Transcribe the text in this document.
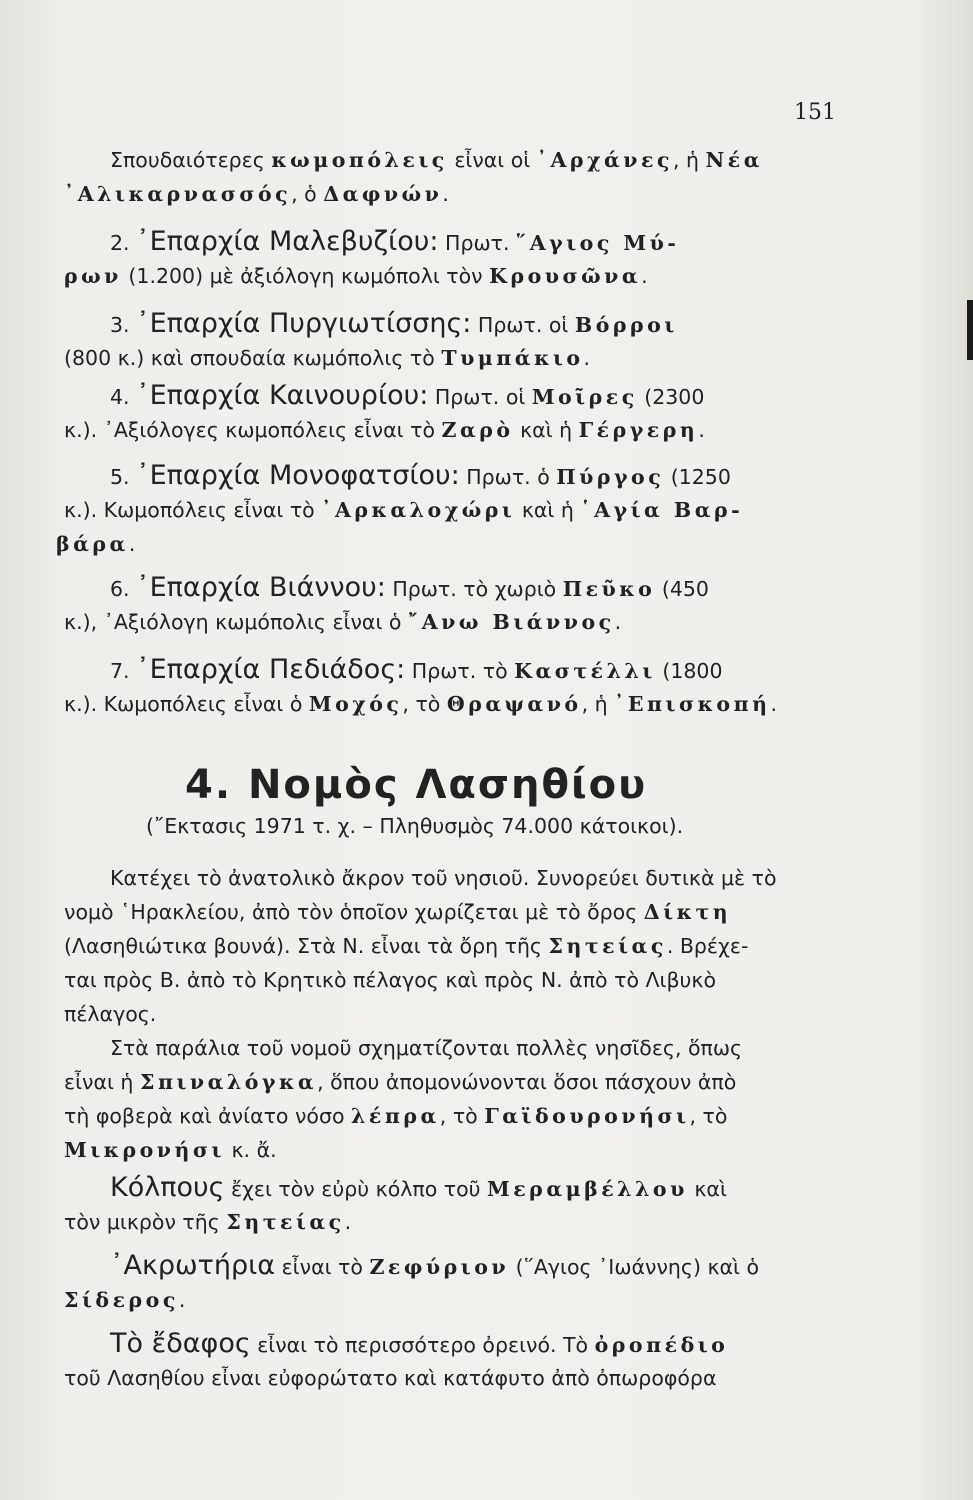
151
Σπουδαιότερες κωμοπόλεις εἶναι οἱ ᾿Αρχάνες, ἡ Νέα
᾿Αλικαρνασσός, ὁ Δαφνών.
2. ᾿Επαρχία Μαλεβυζίου: Πρωτ. ῞Αγιος Μύ-
ρων (1.200) μὲ ἀξιόλογη κωμόπολι τὸν Κρουσῶνα.
3. ᾿Επαρχία Πυργιωτίσσης: Πρωτ. οἱ Βόρροι
(800 κ.) καὶ σπουδαία κωμόπολις τὸ Τυμπάκιο.
4. ᾿Επαρχία Καινουρίου: Πρωτ. οἱ Μοῖρες (2300
κ.). ᾿Αξιόλογες κωμοπόλεις εἶναι τὸ Ζαρὸ καὶ ἡ Γέργερη.
5. ᾿Επαρχία Μονοφατσίου: Πρωτ. ὁ Πύργος (1250
κ.). Κωμοπόλεις εἶναι τὸ ᾿Αρκαλοχώρι καὶ ἡ ῾Αγία Βαρ-
βάρα.
6. ᾿Επαρχία Βιάννου: Πρωτ. τὸ χωριὸ Πεῦκο (450
κ.), ᾿Αξιόλογη κωμόπολις εἶναι ὁ ῎Ανω Βιάννος.
7. ᾿Επαρχία Πεδιάδος: Πρωτ. τὸ Καστέλλι (1800
κ.). Κωμοπόλεις εἶναι ὁ Μοχός, τὸ Θραψανό, ἡ ᾿Επισκοπή.
4. Νομὸς Λασηθίου
(῎Εκτασις 1971 τ. χ. – Πληθυσμὸς 74.000 κάτοικοι).
Κατέχει τὸ ἀνατολικὸ ἄκρον τοῦ νησιοῦ. Συνορεύει δυτικὰ μὲ τὸ
νομὸ ῾Ηρακλείου, ἀπὸ τὸν ὁποῖον χωρίζεται μὲ τὸ ὄρος Δίκτη
(Λασηθιώτικα βουνά). Στὰ Ν. εἶναι τὰ ὄρη τῆς Σητείας. Βρέχε-
ται πρὸς Β. ἀπὸ τὸ Κρητικὸ πέλαγος καὶ πρὸς Ν. ἀπὸ τὸ Λιβυκὸ
πέλαγος.
Στὰ παράλια τοῦ νομοῦ σχηματίζονται πολλὲς νησῖδες, ὅπως
εἶναι ἡ Σπιναλόγκα, ὅπου ἀπομονώνονται ὅσοι πάσχουν ἀπὸ
τὴ φοβερὰ καὶ ἀνίατο νόσο λέπρα, τὸ Γαϊδουρονήσι, τὸ
Μικρονήσι κ. ἄ.
Κόλπους ἔχει τὸν εὐρὺ κόλπο τοῦ Μεραμβέλλου καὶ
τὸν μικρὸν τῆς Σητείας.
᾿Ακρωτήρια εἶναι τὸ Ζεφύριον (῞Αγιος ᾿Ιωάννης) καὶ ὁ
Σίδερος.
Τὸ ἔδαφος εἶναι τὸ περισσότερο ὀρεινό. Τὸ ὀροπέδιο
τοῦ Λασηθίου εἶναι εὐφορώτατο καὶ κατάφυτο ἀπὸ ὀπωροφόρα
